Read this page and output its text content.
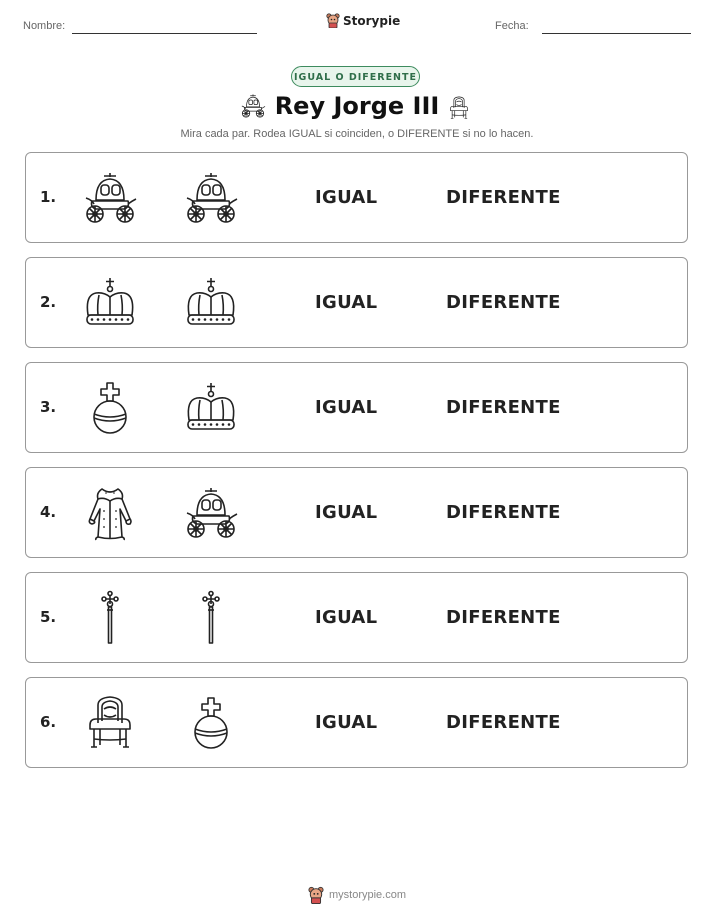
Nombre:	Storypie	Fecha:
IGUAL O DIFERENTE
Rey Jorge III
Mira cada par. Rodea IGUAL si coinciden, o DIFERENTE si no lo hacen.
1.	IGUAL	DIFERENTE
2.	IGUAL	DIFERENTE
3.	IGUAL	DIFERENTE
4.	IGUAL	DIFERENTE
5.	IGUAL	DIFERENTE
6.	IGUAL	DIFERENTE
mystorypie.com
